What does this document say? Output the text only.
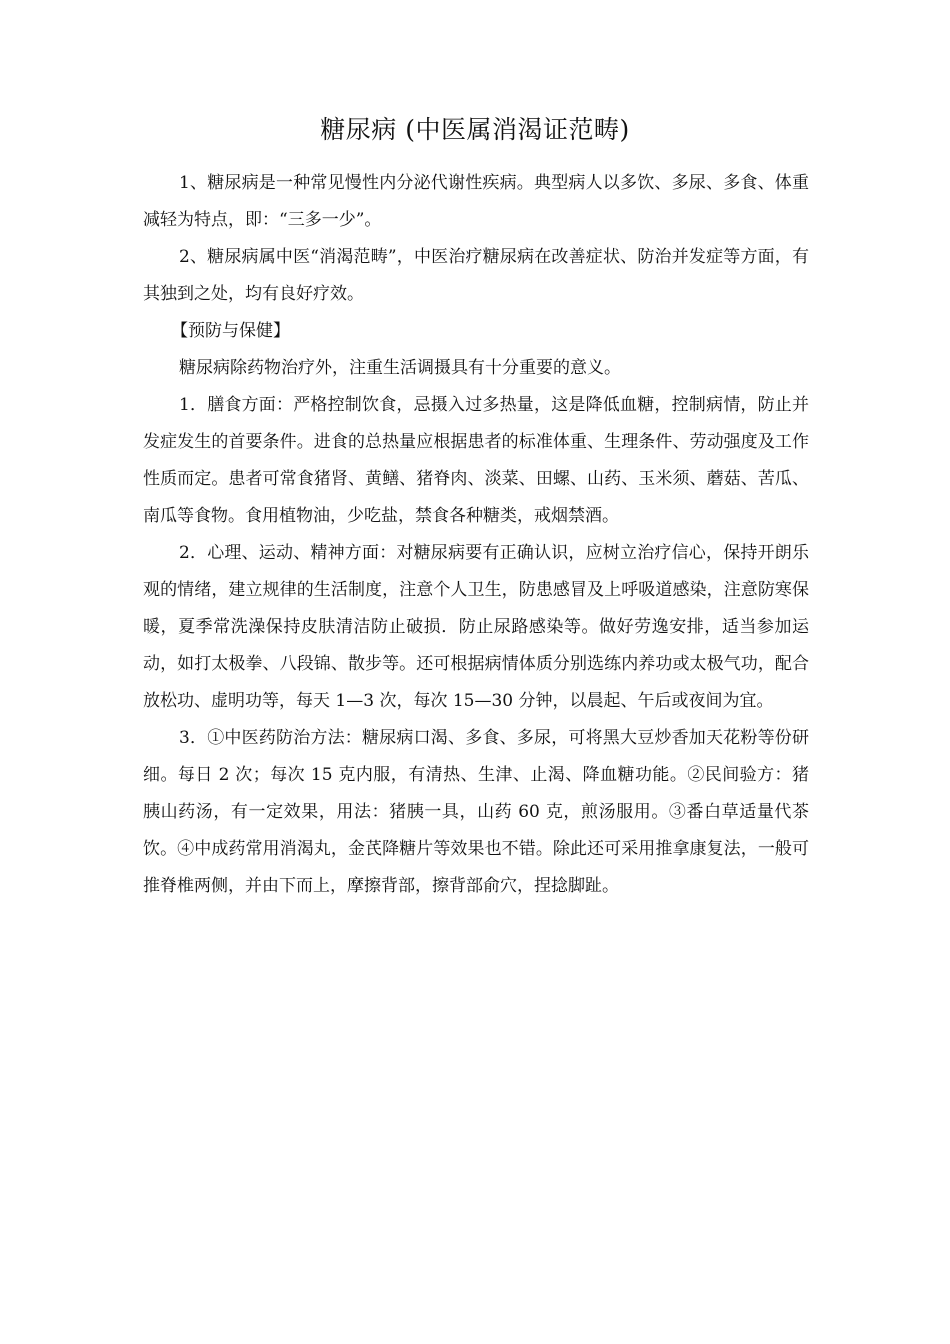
糖尿病 (中医属消渴证范畴)

1、糖尿病是一种常见慢性内分泌代谢性疾病。典型病人以多饮、多尿、多食、体重减轻为特点，即：“三多一少”。

2、糖尿病属中医“消渴范畴”，中医治疗糖尿病在改善症状、防治并发症等方面，有其独到之处，均有良好疗效。

【预防与保健】

糖尿病除药物治疗外，注重生活调摄具有十分重要的意义。

1．膳食方面：严格控制饮食，忌摄入过多热量，这是降低血糖，控制病情，防止并发症发生的首要条件。进食的总热量应根据患者的标准体重、生理条件、劳动强度及工作性质而定。患者可常食猪肾、黄鳝、猪脊肉、淡菜、田螺、山药、玉米须、蘑菇、苦瓜、南瓜等食物。食用植物油，少吃盐，禁食各种糖类，戒烟禁酒。

2．心理、运动、精神方面：对糖尿病要有正确认识，应树立治疗信心，保持开朗乐观的情绪，建立规律的生活制度，注意个人卫生，防患感冒及上呼吸道感染，注意防寒保暖，夏季常洗澡保持皮肤清洁防止破损．防止尿路感染等。做好劳逸安排，适当参加运动，如打太极拳、八段锦、散步等。还可根据病情体质分别选练内养功或太极气功，配合放松功、虚明功等，每天 1—3 次，每次 15—30 分钟，以晨起、午后或夜间为宜。

3．①中医药防治方法：糖尿病口渴、多食、多尿，可将黑大豆炒香加天花粉等份研细。每日 2 次；每次 15 克内服，有清热、生津、止渴、降血糖功能。②民间验方：猪胰山药汤，有一定效果，用法：猪胰一具，山药 60 克，煎汤服用。③番白草适量代茶饮。④中成药常用消渴丸，金芪降糖片等效果也不错。除此还可采用推拿康复法，一般可推脊椎两侧，并由下而上，摩擦背部，擦背部俞穴，捏捻脚趾。
